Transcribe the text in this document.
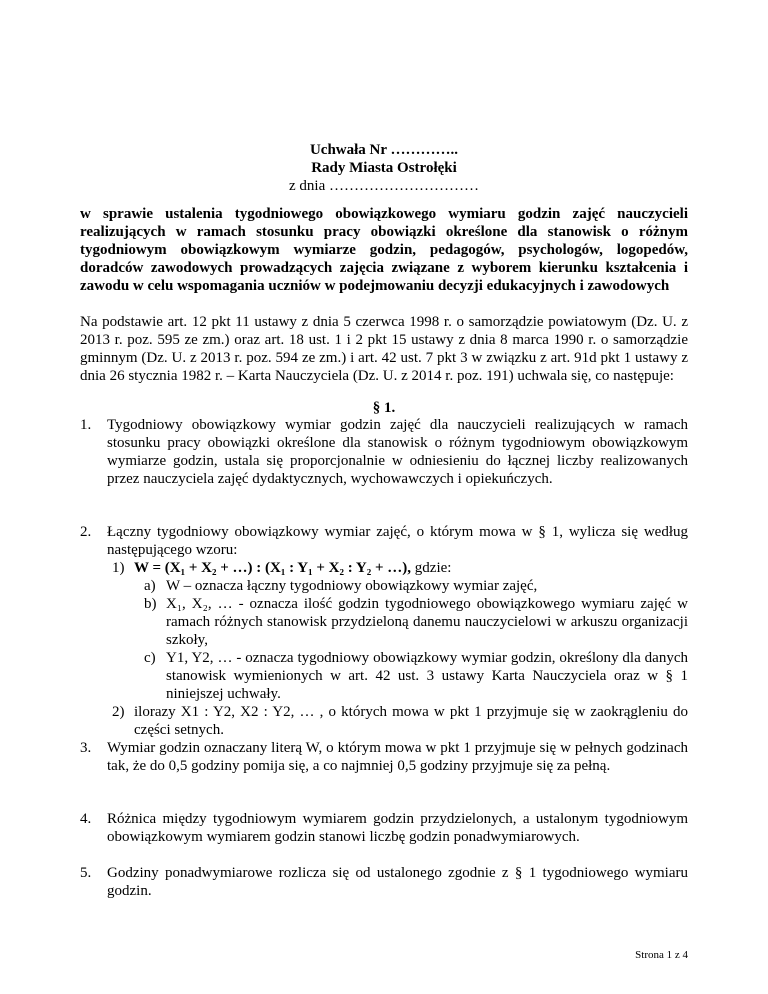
Uchwała Nr …………..
Rady Miasta Ostrołęki
z dnia …………………………
w sprawie ustalenia tygodniowego obowiązkowego wymiaru godzin zajęć nauczycieli realizujących w ramach stosunku pracy obowiązki określone dla stanowisk o różnym tygodniowym obowiązkowym wymiarze godzin, pedagogów, psychologów, logopedów, doradców zawodowych prowadzących zajęcia związane z wyborem kierunku kształcenia i zawodu w celu wspomagania uczniów w podejmowaniu decyzji edukacyjnych i zawodowych
Na podstawie art. 12 pkt 11 ustawy z dnia 5 czerwca 1998 r. o samorządzie powiatowym (Dz. U. z 2013 r. poz. 595 ze zm.) oraz art. 18 ust. 1 i 2 pkt 15 ustawy z dnia 8 marca 1990 r. o samorządzie gminnym (Dz. U. z 2013 r. poz. 594 ze zm.) i art. 42 ust. 7 pkt 3 w związku z art. 91d pkt 1 ustawy z dnia 26 stycznia 1982 r. – Karta Nauczyciela (Dz. U. z 2014 r. poz. 191) uchwala się, co następuje:
§ 1.
1. Tygodniowy obowiązkowy wymiar godzin zajęć dla nauczycieli realizujących w ramach stosunku pracy obowiązki określone dla stanowisk o różnym tygodniowym obowiązkowym wymiarze godzin, ustala się proporcjonalnie w odniesieniu do łącznej liczby realizowanych przez nauczyciela zajęć dydaktycznych, wychowawczych i opiekuńczych.
2. Łączny tygodniowy obowiązkowy wymiar zajęć, o którym mowa w § 1, wylicza się według następującego wzoru:
1) W = (X₁ + X₂ + …) : (X₁ : Y₁ + X₂ : Y₂ + …), gdzie:
a) W – oznacza łączny tygodniowy obowiązkowy wymiar zajęć,
b) X₁, X₂, … - oznacza ilość godzin tygodniowego obowiązkowego wymiaru zajęć w ramach różnych stanowisk przydzieloną danemu nauczycielowi w arkuszu organizacji szkoły,
c) Y1, Y2, … - oznacza tygodniowy obowiązkowy wymiar godzin, określony dla danych stanowisk wymienionych w art. 42 ust. 3 ustawy Karta Nauczyciela oraz w § 1 niniejszej uchwały.
2) ilorazy X1 : Y2, X2 : Y2, … , o których mowa w pkt 1 przyjmuje się w zaokrągleniu do części setnych.
3. Wymiar godzin oznaczany literą W, o którym mowa w pkt 1 przyjmuje się w pełnych godzinach tak, że do 0,5 godziny pomija się, a co najmniej 0,5 godziny przyjmuje się za pełną.
4. Różnica między tygodniowym wymiarem godzin przydzielonych, a ustalonym tygodniowym obowiązkowym wymiarem godzin stanowi liczbę godzin ponadwymiarowych.
5. Godziny ponadwymiarowe rozlicza się od ustalonego zgodnie z § 1 tygodniowego wymiaru godzin.
Strona 1 z 4
